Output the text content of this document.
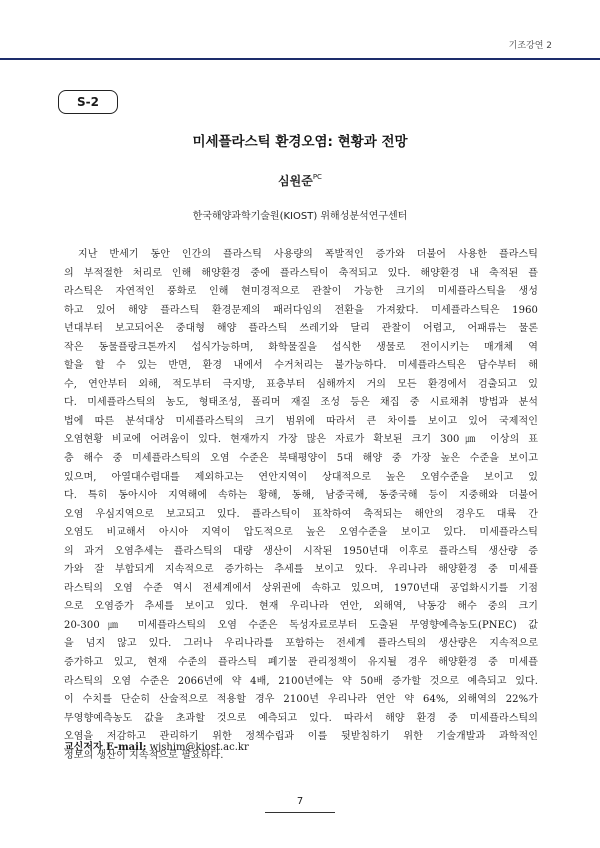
기조강연 2
S-2
미세플라스틱 환경오염: 현황과 전망
심원준$^{PC}$
한국해양과학기술원(KIOST) 위해성분석연구센터
지난 반세기 동안 인간의 플라스틱 사용량의 폭발적인 증가와 더불어 사용한 플라스틱
의 부적절한 처리로 인해 해양환경 중에 플라스틱이 축적되고 있다. 해양환경 내 축적된 플
라스틱은 자연적인 풍화로 인해 현미경적으로 관찰이 가능한 크기의 미세플라스틱을 생성
하고 있어 해양 플라스틱 환경문제의 패러다임의 전환을 가져왔다. 미세플라스틱은 1960
년대부터 보고되어온 중대형 해양 플라스틱 쓰레기와 달리 관찰이 어렵고, 어패류는 물론
작은 동물플랑크톤까지 섭식가능하며, 화학물질을 섭식한 생물로 전이시키는 매개체 역
할을 할 수 있는 반면, 환경 내에서 수거처리는 불가능하다. 미세플라스틱은 담수부터 해
수, 연안부터 외해, 적도부터 극지방, 표층부터 심해까지 거의 모든 환경에서 검출되고 있
다. 미세플라스틱의 농도, 형태조성, 폴리머 재질 조성 등은 채집 중 시료채취 방법과 분석
법에 따른 분석대상 미세플라스틱의 크기 범위에 따라서 큰 차이를 보이고 있어 국제적인
오염현황 비교에 어려움이 있다. 현재까지 가장 많은 자료가 확보된 크기 300㎛ 이상의 표
층 해수 중 미세플라스틱의 오염 수준은 북태평양이 5대 해양 중 가장 높은 수준을 보이고
있으며, 아열대수렴대를 제외하고는 연안지역이 상대적으로 높은 오염수준을 보이고 있
다. 특히 동아시아 지역해에 속하는 황해, 동해, 남중국해, 동중국해 등이 지중해와 더불어
오염 우심지역으로 보고되고 있다. 플라스틱이 표착하여 축적되는 해안의 경우도 대륙 간
오염도 비교해서 아시아 지역이 압도적으로 높은 오염수준을 보이고 있다. 미세플라스틱
의 과거 오염추세는 플라스틱의 대량 생산이 시작된 1950년대 이후로 플라스틱 생산량 증
가와 잘 부합되게 지속적으로 증가하는 추세를 보이고 있다. 우리나라 해양환경 중 미세플
라스틱의 오염 수준 역시 전세계에서 상위권에 속하고 있으며, 1970년대 공업화시기를 기점
으로 오염증가 추세를 보이고 있다. 현재 우리나라 연안, 외해역, 낙동강 해수 중의 크기
20-300㎛ 미세플라스틱의 오염 수준은 독성자료로부터 도출된 무영향예측농도(PNEC) 값
을 넘지 않고 있다. 그러나 우리나라를 포함하는 전세계 플라스틱의 생산량은 지속적으로
증가하고 있고, 현재 수준의 플라스틱 폐기물 관리정책이 유지될 경우 해양환경 중 미세플
라스틱의 오염 수준은 2066년에 약 4배, 2100년에는 약 50배 증가할 것으로 예측되고 있다.
이 수치를 단순히 산술적으로 적용할 경우 2100년 우리나라 연안 약 64%, 외해역의 22%가
무영향예측농도 값을 초과할 것으로 예측되고 있다. 따라서 해양 환경 중 미세플라스틱의
오염을 저감하고 관리하기 위한 정책수립과 이를 뒷받침하기 위한 기술개발과 과학적인
정보의 생산이 지속적으로 필요하다.
교신저자 E-mail: wjshim@kiost.ac.kr
7
